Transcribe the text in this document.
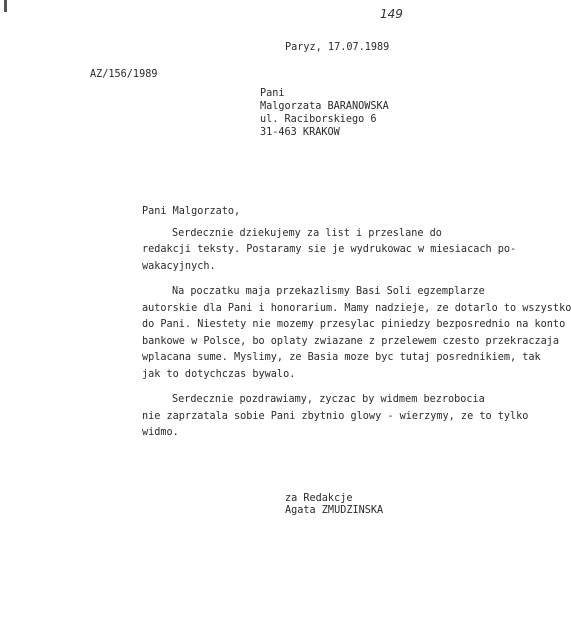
149
Paryz, 17.07.1989
AZ/156/1989
Pani
Malgorzata BARANOWSKA
ul. Raciborskiego 6
31-463 KRAKOW
Pani Malgorzato,
Serdecznie dziekujemy za list i przeslane do
redakcji teksty. Postaramy sie je wydrukowac w miesiacach po-
wakacyjnych.
Na poczatku maja przekazlismy Basi Soli egzemplarze
autorskie dla Pani i honorarium. Mamy nadzieje, ze dotarlo to wszystko
do Pani. Niestety nie mozemy przesylac piniedzy bezposrednio na konto
bankowe w Polsce, bo oplaty zwiazane z przelewem czesto przekraczaja
wplacana sume. Myslimy, ze Basia moze byc tutaj posrednikiem, tak
jak to dotychczas bywalo.
Serdecznie pozdrawiamy, zyczac by widmem bezrobocia
nie zaprzatala sobie Pani zbytnio glowy - wierzymy, ze to tylko
widmo.
za Redakcje
Agata ZMUDZINSKA
